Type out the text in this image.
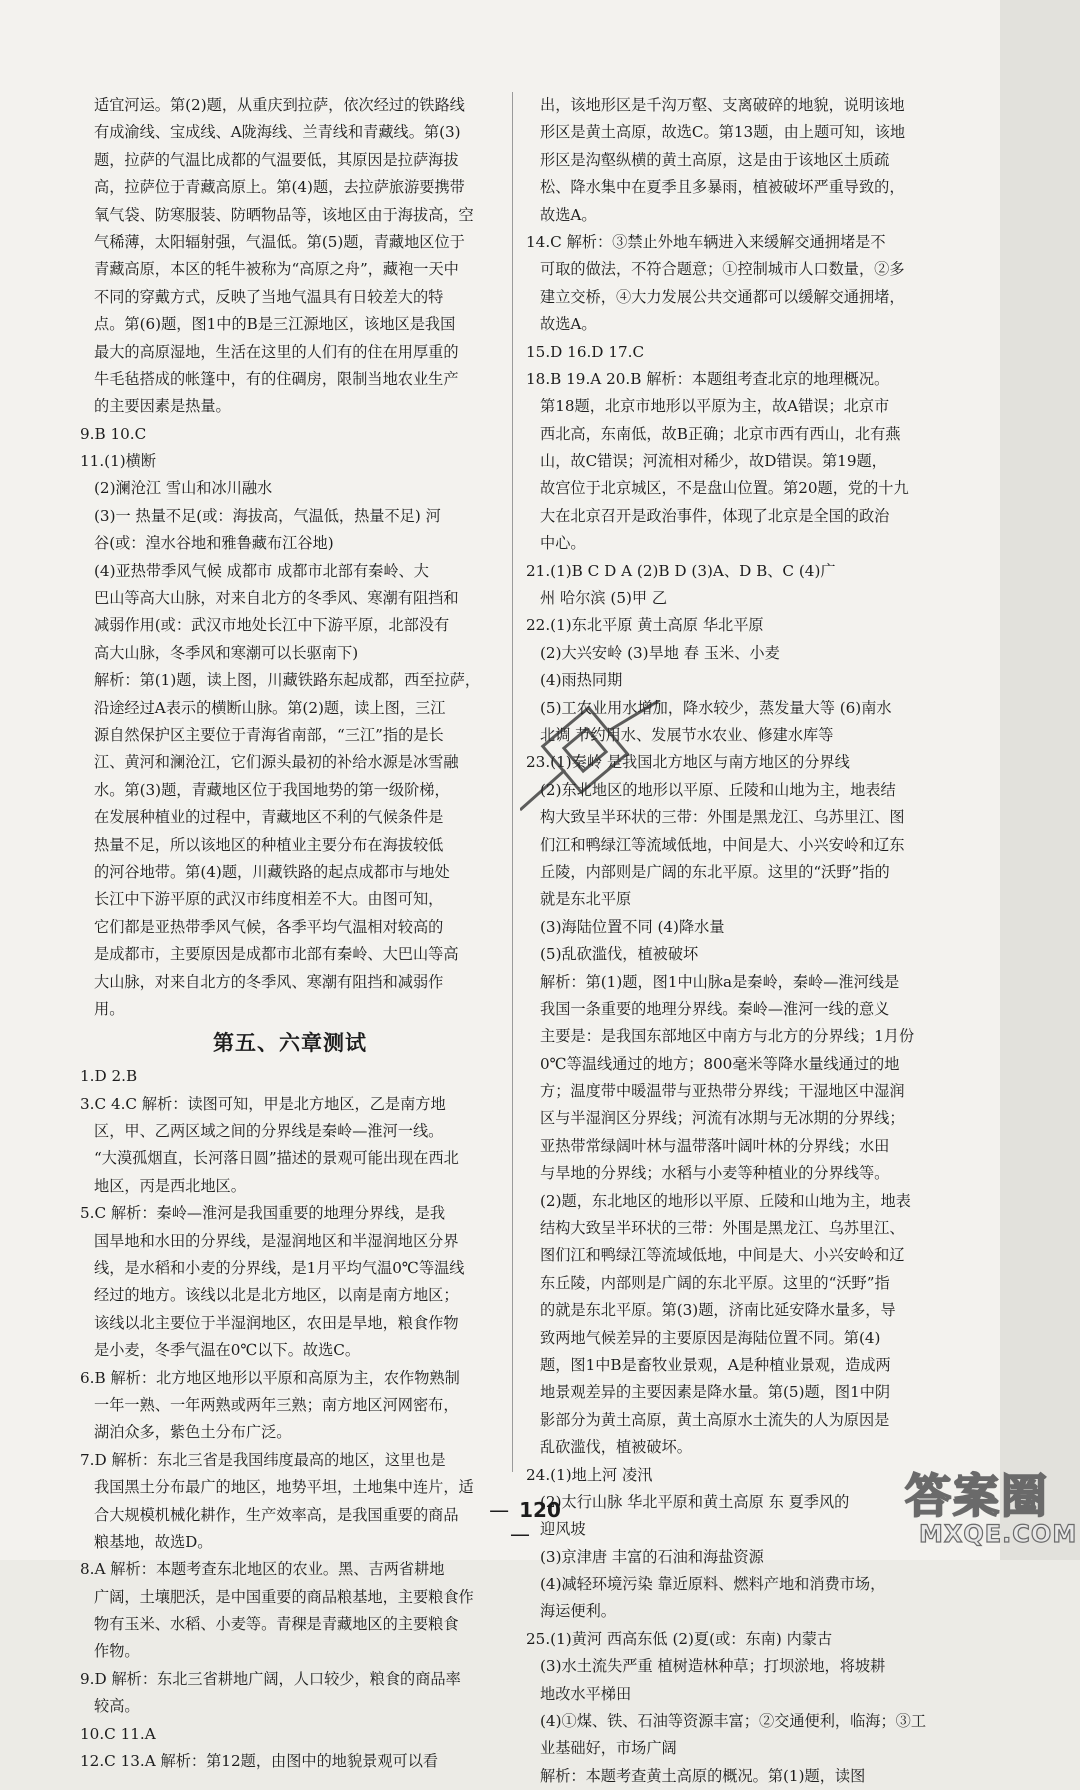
适宜河运。第(2)题，从重庆到拉萨，依次经过的铁路线
有成渝线、宝成线、A陇海线、兰青线和青藏线。第(3)
题，拉萨的气温比成都的气温要低，其原因是拉萨海拔
高，拉萨位于青藏高原上。第(4)题，去拉萨旅游要携带
氧气袋、防寒服装、防晒物品等，该地区由于海拔高，空
气稀薄，太阳辐射强，气温低。第(5)题，青藏地区位于
青藏高原，本区的牦牛被称为“高原之舟”，藏袍一天中
不同的穿戴方式，反映了当地气温具有日较差大的特
点。第(6)题，图1中的B是三江源地区，该地区是我国
最大的高原湿地，生活在这里的人们有的住在用厚重的
牛毛毡搭成的帐篷中，有的住碉房，限制当地农业生产
的主要因素是热量。
9.B 10.C
11.(1)横断
(2)澜沧江 雪山和冰川融水
(3)一 热量不足(或：海拔高，气温低，热量不足) 河
谷(或：湟水谷地和雅鲁藏布江谷地)
(4)亚热带季风气候 成都市 成都市北部有秦岭、大
巴山等高大山脉，对来自北方的冬季风、寒潮有阻挡和
减弱作用(或：武汉市地处长江中下游平原，北部没有
高大山脉，冬季风和寒潮可以长驱南下)
解析：第(1)题，读上图，川藏铁路东起成都，西至拉萨，
沿途经过A表示的横断山脉。第(2)题，读上图，三江
源自然保护区主要位于青海省南部，“三江”指的是长
江、黄河和澜沧江，它们源头最初的补给水源是冰雪融
水。第(3)题，青藏地区位于我国地势的第一级阶梯，
在发展种植业的过程中，青藏地区不利的气候条件是
热量不足，所以该地区的种植业主要分布在海拔较低
的河谷地带。第(4)题，川藏铁路的起点成都市与地处
长江中下游平原的武汉市纬度相差不大。由图可知，
它们都是亚热带季风气候，各季平均气温相对较高的
是成都市，主要原因是成都市北部有秦岭、大巴山等高
大山脉，对来自北方的冬季风、寒潮有阻挡和减弱作
用。
第五、六章测试
1.D 2.B
3.C 4.C 解析：读图可知，甲是北方地区，乙是南方地
区，甲、乙两区域之间的分界线是秦岭—淮河一线。
“大漠孤烟直，长河落日圆”描述的景观可能出现在西北
地区，丙是西北地区。
5.C 解析：秦岭—淮河是我国重要的地理分界线，是我
国旱地和水田的分界线，是湿润地区和半湿润地区分界
线，是水稻和小麦的分界线，是1月平均气温0℃等温线
经过的地方。该线以北是北方地区，以南是南方地区；
该线以北主要位于半湿润地区，农田是旱地，粮食作物
是小麦，冬季气温在0℃以下。故选C。
6.B 解析：北方地区地形以平原和高原为主，农作物熟制
一年一熟、一年两熟或两年三熟；南方地区河网密布，
湖泊众多，紫色土分布广泛。
7.D 解析：东北三省是我国纬度最高的地区，这里也是
我国黑土分布最广的地区，地势平坦，土地集中连片，适
合大规模机械化耕作，生产效率高，是我国重要的商品
粮基地，故选D。
8.A 解析：本题考查东北地区的农业。黑、吉两省耕地
广阔，土壤肥沃，是中国重要的商品粮基地，主要粮食作
物有玉米、水稻、小麦等。青稞是青藏地区的主要粮食
作物。
9.D 解析：东北三省耕地广阔，人口较少，粮食的商品率
较高。
10.C 11.A
12.C 13.A 解析：第12题，由图中的地貌景观可以看
出，该地形区是千沟万壑、支离破碎的地貌，说明该地
形区是黄土高原，故选C。第13题，由上题可知，该地
形区是沟壑纵横的黄土高原，这是由于该地区土质疏
松、降水集中在夏季且多暴雨，植被破坏严重导致的，
故选A。
14.C 解析：③禁止外地车辆进入来缓解交通拥堵是不
可取的做法，不符合题意；①控制城市人口数量，②多
建立交桥，④大力发展公共交通都可以缓解交通拥堵，
故选A。
15.D 16.D 17.C
18.B 19.A 20.B 解析：本题组考查北京的地理概况。
第18题，北京市地形以平原为主，故A错误；北京市
西北高，东南低，故B正确；北京市西有西山，北有燕
山，故C错误；河流相对稀少，故D错误。第19题，
故宫位于北京城区，不是盘山位置。第20题，党的十九
大在北京召开是政治事件，体现了北京是全国的政治
中心。
21.(1)B C D A (2)B D (3)A、D B、C (4)广
州 哈尔滨 (5)甲 乙
22.(1)东北平原 黄土高原 华北平原
(2)大兴安岭 (3)旱地 春 玉米、小麦
(4)雨热同期
(5)工农业用水增加，降水较少，蒸发量大等 (6)南水
北调 节约用水、发展节水农业、修建水库等
23.(1)秦岭 是我国北方地区与南方地区的分界线
(2)东北地区的地形以平原、丘陵和山地为主，地表结
构大致呈半环状的三带：外围是黑龙江、乌苏里江、图
们江和鸭绿江等流域低地，中间是大、小兴安岭和辽东
丘陵，内部则是广阔的东北平原。这里的“沃野”指的
就是东北平原
(3)海陆位置不同 (4)降水量
(5)乱砍滥伐，植被破坏
解析：第(1)题，图1中山脉a是秦岭，秦岭—淮河线是
我国一条重要的地理分界线。秦岭—淮河一线的意义
主要是：是我国东部地区中南方与北方的分界线；1月份
0℃等温线通过的地方；800毫米等降水量线通过的地
方；温度带中暖温带与亚热带分界线；干湿地区中湿润
区与半湿润区分界线；河流有冰期与无冰期的分界线；
亚热带常绿阔叶林与温带落叶阔叶林的分界线；水田
与旱地的分界线；水稻与小麦等种植业的分界线等。
(2)题，东北地区的地形以平原、丘陵和山地为主，地表
结构大致呈半环状的三带：外围是黑龙江、乌苏里江、
图们江和鸭绿江等流域低地，中间是大、小兴安岭和辽
东丘陵，内部则是广阔的东北平原。这里的“沃野”指
的就是东北平原。第(3)题，济南比延安降水量多，导
致两地气候差异的主要原因是海陆位置不同。第(4)
题，图1中B是畜牧业景观，A是种植业景观，造成两
地景观差异的主要因素是降水量。第(5)题，图1中阴
影部分为黄土高原，黄土高原水土流失的人为原因是
乱砍滥伐，植被破坏。
24.(1)地上河 凌汛
(2)太行山脉 华北平原和黄土高原 东 夏季风的
迎风坡
(3)京津唐 丰富的石油和海盐资源
(4)减轻环境污染 靠近原料、燃料产地和消费市场，
海运便利。
25.(1)黄河 西高东低 (2)夏(或：东南) 内蒙古
(3)水土流失严重 植树造林种草；打坝淤地，将坡耕
地改水平梯田
(4)①煤、铁、石油等资源丰富；②交通便利，临海；③工
业基础好，市场广阔
解析：本题考查黄土高原的概况。第(1)题，读图
— 120—
答案圈
MXQE.COM
